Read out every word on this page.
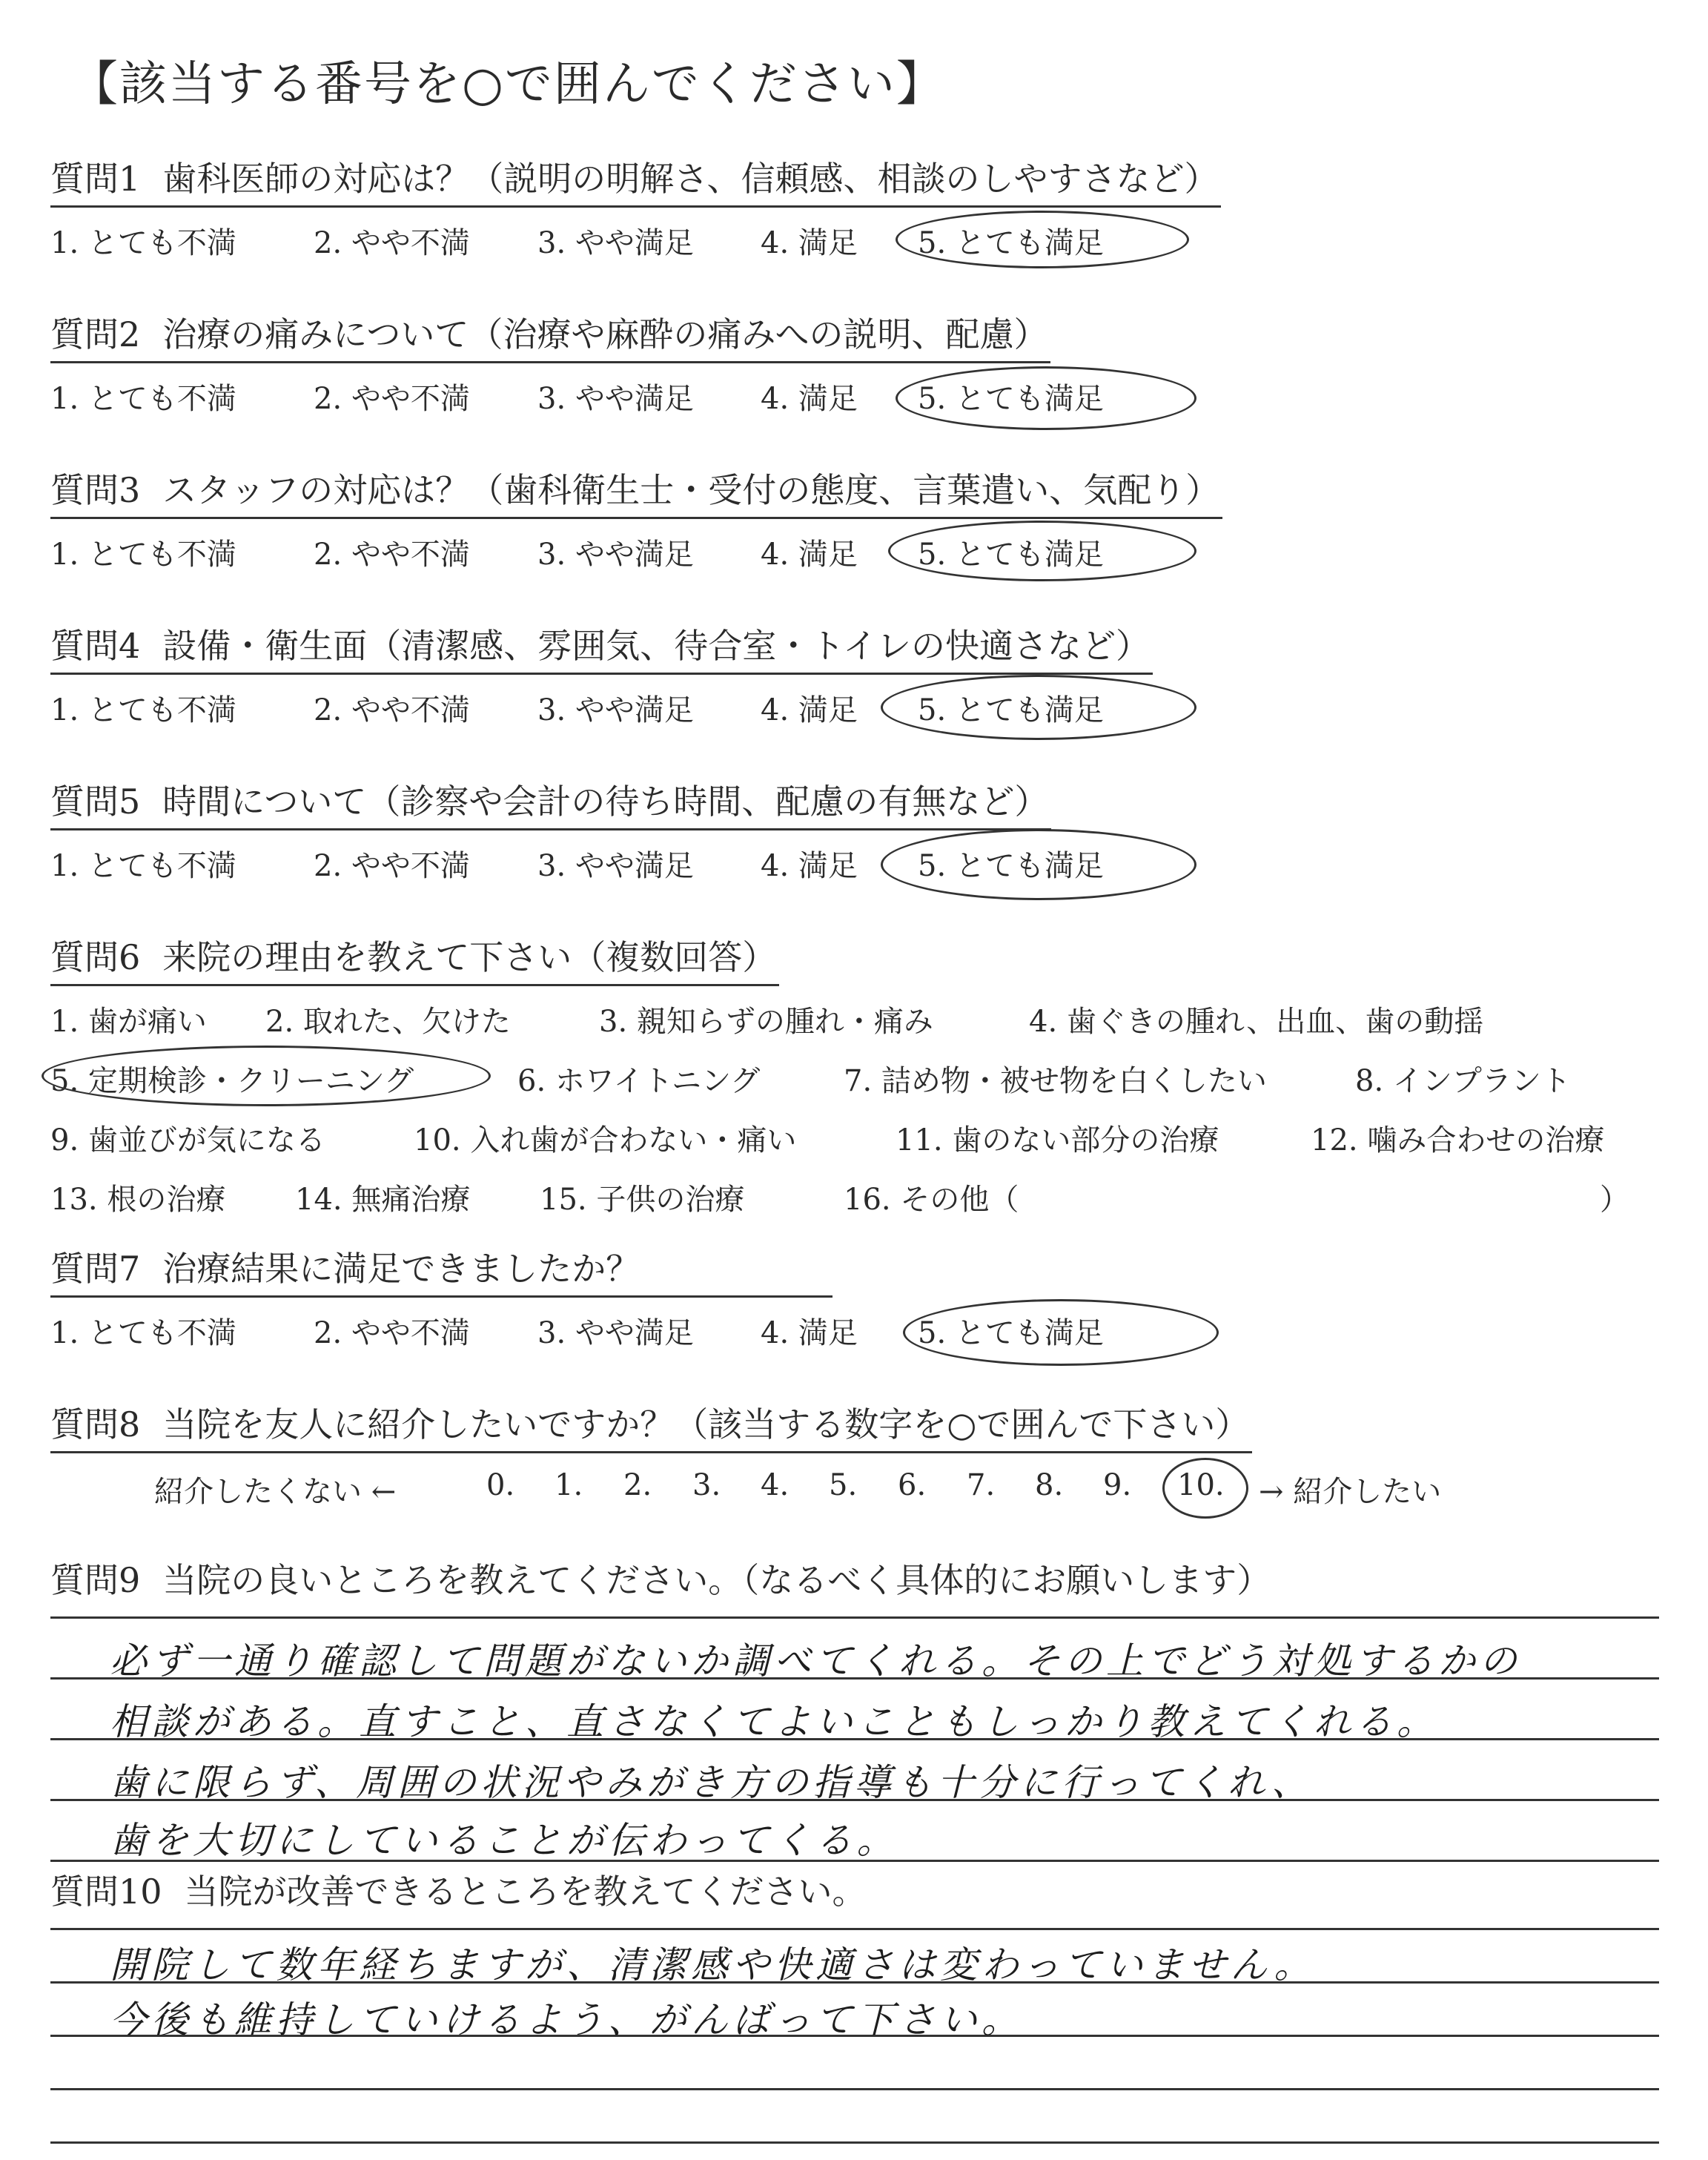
【該当する番号を○で囲んでください】
質問1 歯科医師の対応は？（説明の明解さ、信頼感、相談のしやすさなど）
1. とても不満	2. やや不満 3. やや満足 4. 満足 5. とても満足
質問2 治療の痛みについて（治療や麻酔の痛みへの説明、配慮）
1. とても不満	2. やや不満 3. やや満足 4. 満足 5. とても満足
質問3 スタッフの対応は？（歯科衛生士・受付の態度、言葉遣い、気配り）
1. とても不満	2. やや不満 3. やや満足 4. 満足 5. とても満足
質問4 設備・衛生面（清潔感、雰囲気、待合室・トイレの快適さなど）
1. とても不満	2. やや不満 3. やや満足 4. 満足 5. とても満足
質問5 時間について（診察や会計の待ち時間、配慮の有無など）
1. とても不満	2. やや不満 3. やや満足 4. 満足 5. とても満足
質問6 来院の理由を教えて下さい（複数回答）
1. 歯が痛い 2. 取れた、欠けた	3. 親知らずの腫れ・痛み	4. 歯ぐきの腫れ、出血、歯の動揺
5. 定期検診・クリーニング	6. ホワイトニング	7. 詰め物・被せ物を白くしたい	8. インプラント
9. 歯並びが気になる	10. 入れ歯が合わない・痛い	11. 歯のない部分の治療	12. 噛み合わせの治療
13. 根の治療 14. 無痛治療 15. 子供の治療	16. その他（	）
質問7 治療結果に満足できましたか？
1. とても不満	2. やや不満 3. やや満足 4. 満足 5. とても満足
質問8 当院を友人に紹介したいですか？（該当する数字を○で囲んで下さい）
紹介したくない ←	0. 1. 2. 3. 4. 5. 6. 7. 8. 9. 10. → 紹介したい
質問9 当院の良いところを教えてください。（なるべく具体的にお願いします）
必ず一通り確認して問題がないか調べてくれる。その上でどう対処するかの
相談がある。直すこと、直さなくてよいこともしっかり教えてくれる。
歯に限らず、周囲の状況やみがき方の指導も十分に行ってくれ、
歯を大切にしていることが伝わってくる。
質問10 当院が改善できるところを教えてください。
開院して数年経ちますが、清潔感や快適さは変わっていません。
今後も維持していけるよう、がんばって下さい。
